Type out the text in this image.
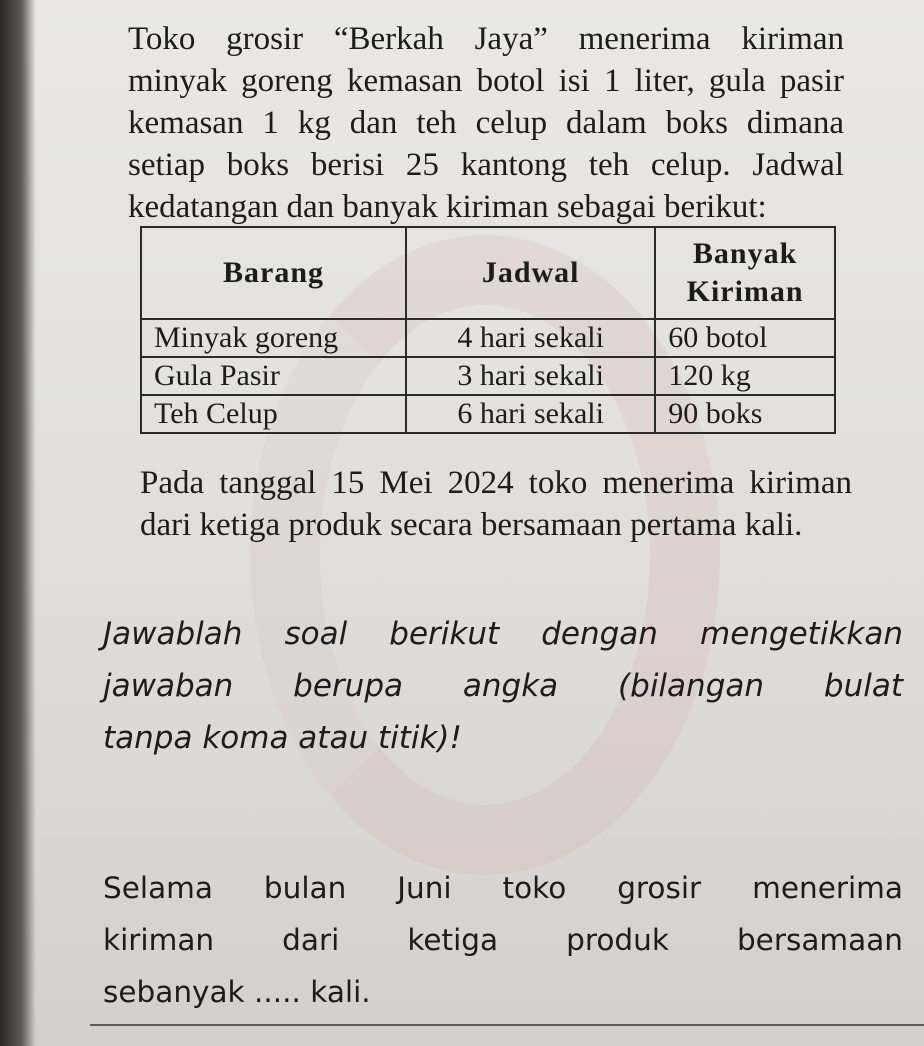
Toko grosir “Berkah Jaya” menerima kiriman
minyak goreng kemasan botol isi 1 liter, gula pasir
kemasan 1 kg dan teh celup dalam boks dimana
setiap boks berisi 25 kantong teh celup. Jadwal
kedatangan dan banyak kiriman sebagai berikut:
Barang	Jadwal	Banyak
Kiriman
Minyak goreng	4 hari sekali	60 botol
Gula Pasir	3 hari sekali	120 kg
Teh Celup	6 hari sekali	90 boks
Pada tanggal 15 Mei 2024 toko menerima kiriman
dari ketiga produk secara bersamaan pertama kali.
Jawablah soal berikut dengan mengetikkan
jawaban berupa angka (bilangan bulat
tanpa koma atau titik)!
Selama bulan Juni toko grosir menerima
kiriman dari ketiga produk bersamaan
sebanyak ..... kali.
